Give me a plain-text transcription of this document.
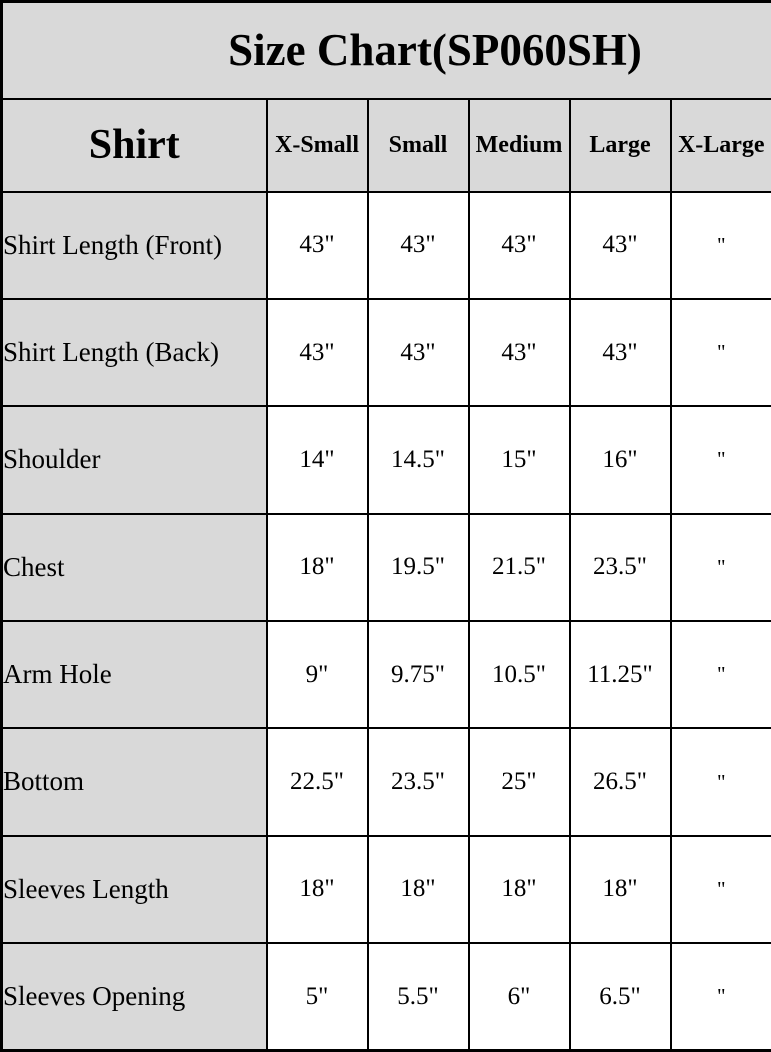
Size Chart(SP060SH)					
Shirt	X-Small	Small	Medium	Large	X-Large
Shirt Length (Front)	43"	43"	43"	43"	"
Shirt Length (Back)	43"	43"	43"	43"	"
Shoulder	14"	14.5"	15"	16"	"
Chest	18"	19.5"	21.5"	23.5"	"
Arm Hole	9"	9.75"	10.5"	11.25"	"
Bottom	22.5"	23.5"	25"	26.5"	"
Sleeves Length	18"	18"	18"	18"	"
Sleeves Opening	5"	5.5"	6"	6.5"	"
